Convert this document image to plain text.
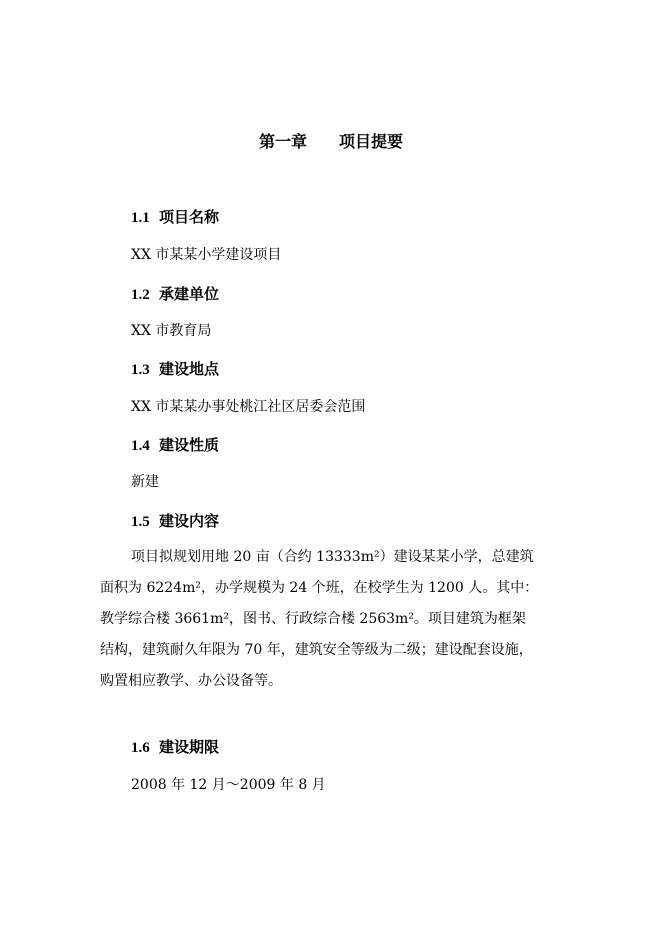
第一章  项目提要
1.1 项目名称
XX 市某某小学建设项目
1.2 承建单位
XX 市教育局
1.3 建设地点
XX 市某某办事处桃江社区居委会范围
1.4 建设性质
新建
1.5 建设内容
项目拟规划用地 20 亩（合约 13333m²）建设某某小学，总建筑
面积为 6224m²，办学规模为 24 个班，在校学生为 1200 人。其中：
教学综合楼 3661m²，图书、行政综合楼 2563m²。项目建筑为框架
结构，建筑耐久年限为 70 年，建筑安全等级为二级；建设配套设施，
购置相应教学、办公设备等。
1.6 建设期限
2008 年 12 月～2009 年 8 月
